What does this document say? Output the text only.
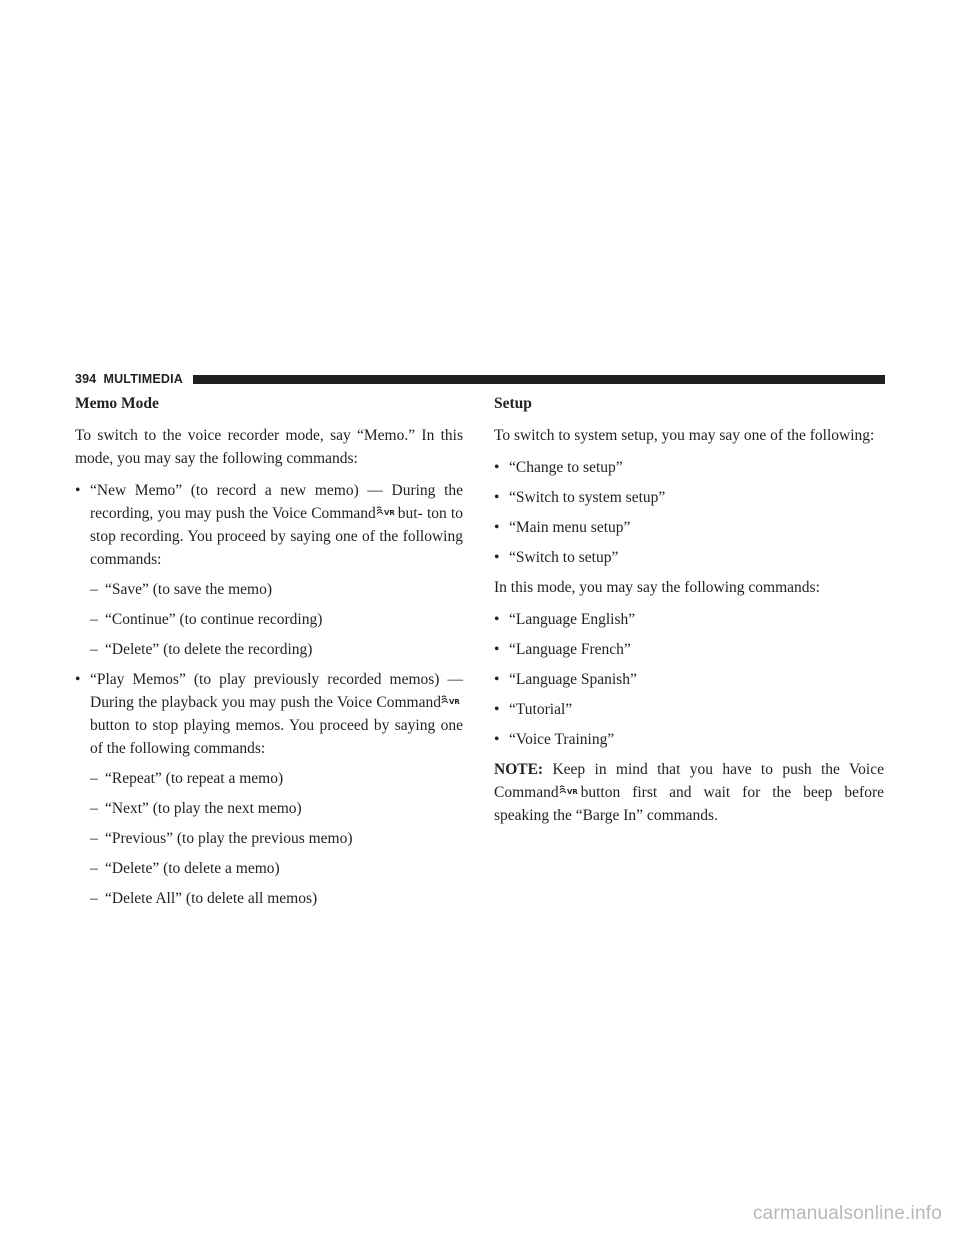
394 MULTIMEDIA
Memo Mode
To switch to the voice recorder mode, say “Memo.” In this mode, you may say the following commands:
• “New Memo” (to record a new memo) — During the recording, you may push the Voice Command VR but- ton to stop recording. You proceed by saying one of the following commands:
– “Save” (to save the memo)
– “Continue” (to continue recording)
– “Delete” (to delete the recording)
• “Play Memos” (to play previously recorded memos) — During the playback you may push the Voice Command VR
button to stop playing memos. You proceed by saying one of the following commands:
– “Repeat” (to repeat a memo)
– “Next” (to play the next memo)
– “Previous” (to play the previous memo)
– “Delete” (to delete a memo)
– “Delete All” (to delete all memos)
Setup
To switch to system setup, you may say one of the following:
• “Change to setup”
• “Switch to system setup”
• “Main menu setup”
• “Switch to setup”
In this mode, you may say the following commands:
• “Language English”
• “Language French”
• “Language Spanish”
• “Tutorial”
• “Voice Training”
NOTE: Keep in mind that you have to push the Voice Command VR button first and wait for the beep before speaking the “Barge In” commands.
carmanualsonline.info
